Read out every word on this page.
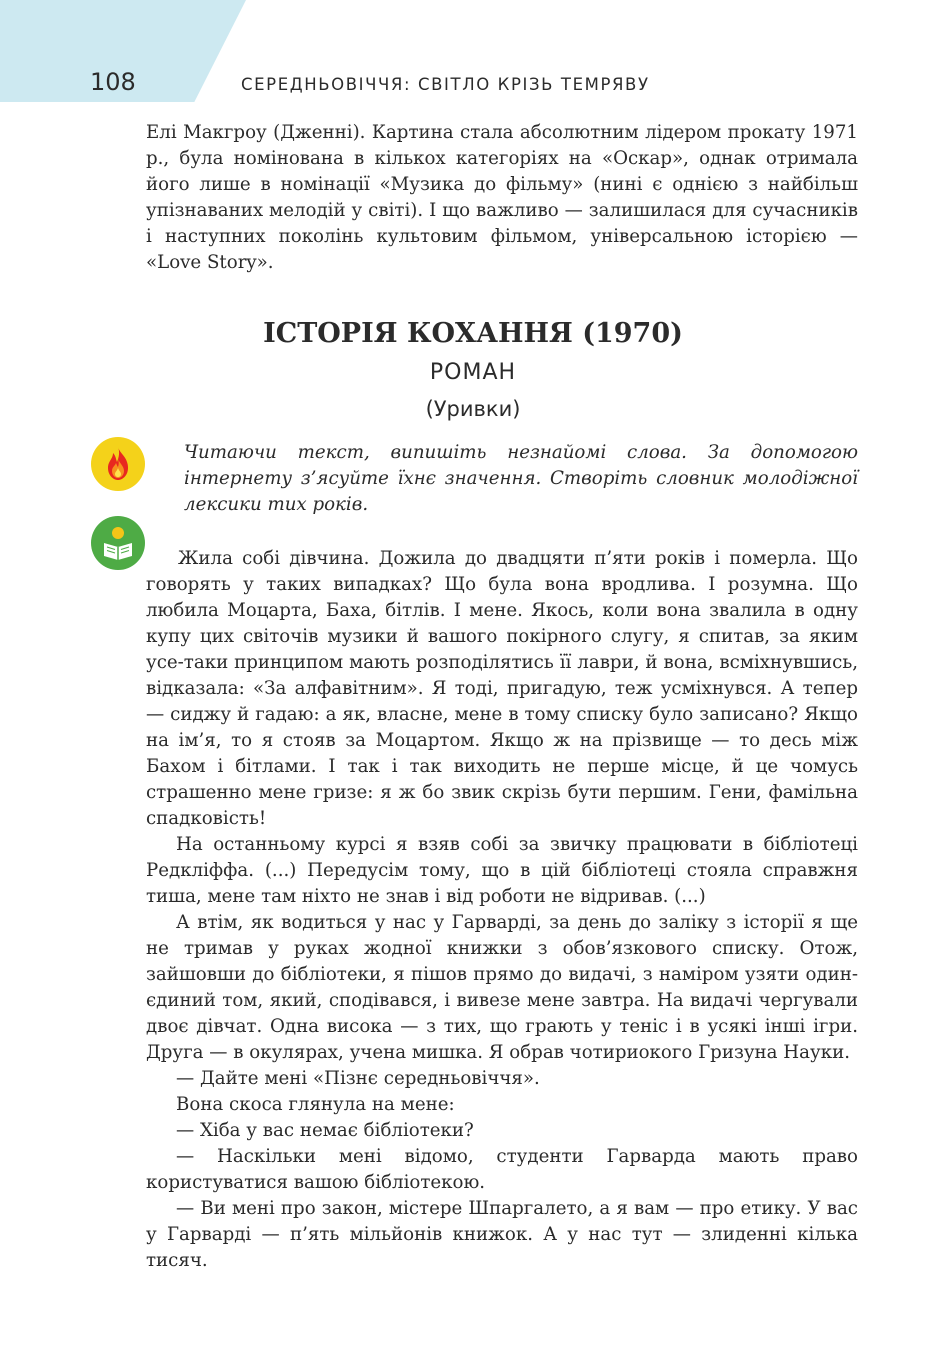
108	СЕРЕДНЬОВІЧЧЯ: СВІТЛО КРІЗЬ ТЕМРЯВУ

Елі Макгроу (Дженні). Картина стала абсолютним лідером прокату 1971 р., була номінована в кількох категоріях на «Оскар», однак отримала його лише в номінації «Музика до фільму» (нині є однією з найбільш упізнаваних мелодій у світі). І що важливо — залишилася для сучасників і наступних поколінь культовим фільмом, універсальною історією — «Love Story».

ІСТОРІЯ КОХАННЯ (1970)
РОМАН
(Уривки)
Читаючи текст, випишіть незнайомі слова. За допомогою інтернету з’ясуйте їхнє значення. Створіть словник молодіжної лексики тих років.

Жила собі дівчина. Дожила до двадцяти п’яти років і померла. Що говорять у таких випадках? Що була вона вродлива. І розумна. Що любила Моцарта, Баха, бітлів. І мене. Якось, коли вона звалила в одну купу цих світочів музики й вашого покірного слугу, я спитав, за яким усе-таки принципом мають розподілятись її лаври, й вона, всміхнувшись, відказала: «За алфавітним». Я тоді, пригадую, теж усміхнувся. А тепер — сиджу й гадаю: а як, власне, мене в тому списку було записано? Якщо на ім’я, то я стояв за Моцартом. Якщо ж на прізвище — то десь між Бахом і бітлами. І так і так виходить не перше місце, й це чомусь страшенно мене гризе: я ж бо звик скрізь бути першим. Гени, фамільна спадковість!

На останньому курсі я взяв собі за звичку працювати в бібліотеці Редкліффа. (...) Передусім тому, що в цій бібліотеці стояла справжня тиша, мене там ніхто не знав і від роботи не відривав. (...)

А втім, як водиться у нас у Гарварді, за день до заліку з історії я ще не тримав у руках жодної книжки з обов’язкового списку. Отож, зайшовши до бібліотеки, я пішов прямо до видачі, з наміром узяти один-єдиний том, який, сподівався, і вивезе мене завтра. На видачі чергували двоє дівчат. Одна висока — з тих, що грають у теніс і в усякі інші ігри. Друга — в окулярах, учена мишка. Я обрав чотириокого Гризуна Науки.

— Дайте мені «Пізнє середньовіччя».

Вона скоса глянула на мене:

— Хіба у вас немає бібліотеки?

— Наскільки мені відомо, студенти Гарварда мають право користуватися вашою бібліотекою.

— Ви мені про закон, містере Шпаргалето, а я вам — про етику. У вас у Гарварді — п’ять мільйонів книжок. А у нас тут — злиденні кілька тисяч.
